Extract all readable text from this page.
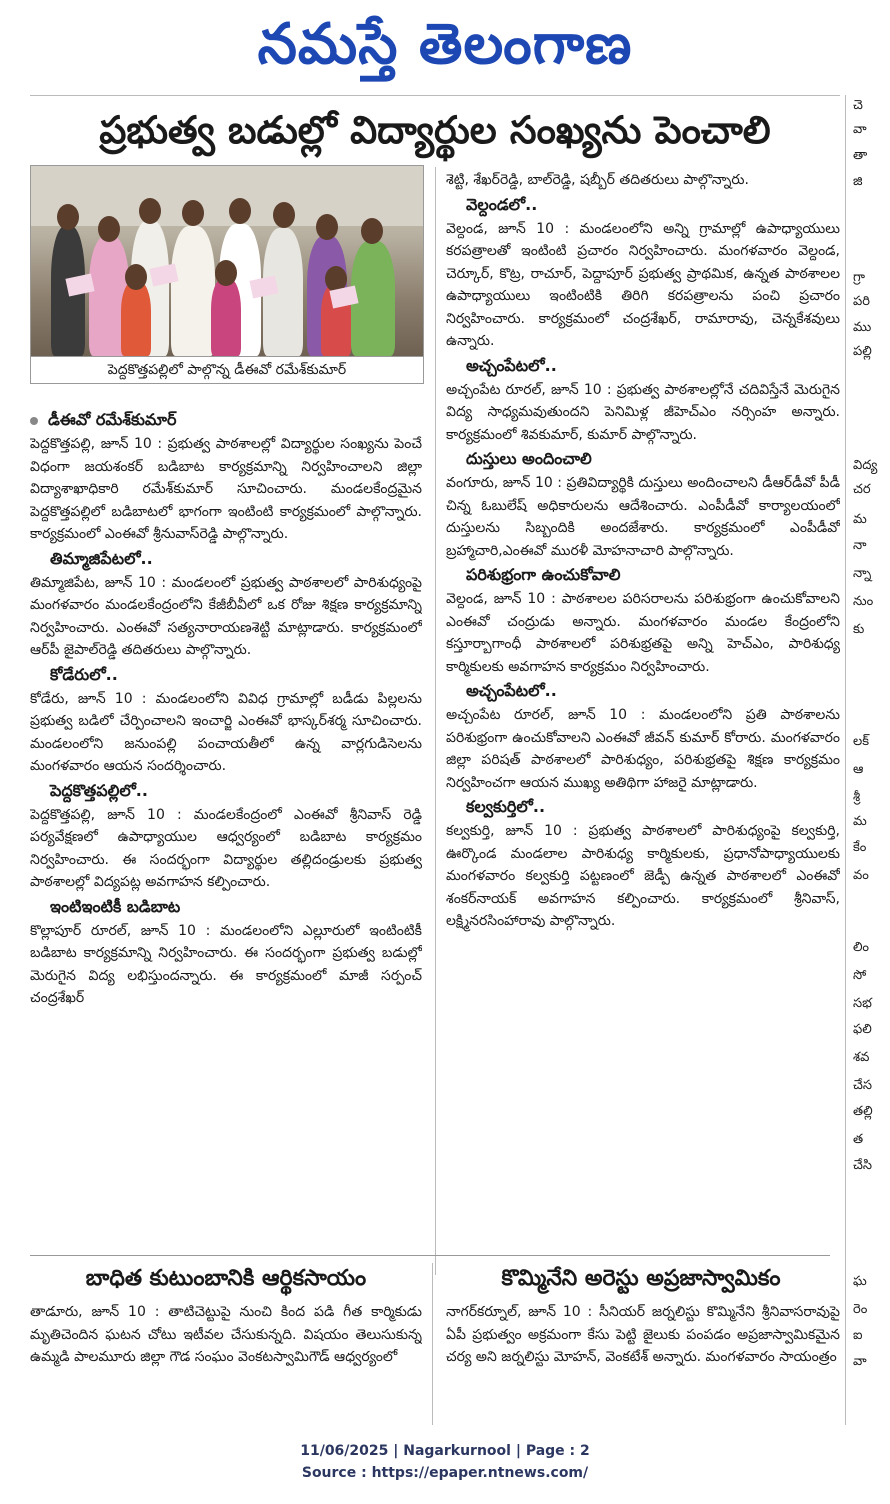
నమస్తే తెలంగాణ
ప్రభుత్వ బడుల్లో విద్యార్థుల సంఖ్యను పెంచాలి
పెద్దకొత్తపల్లిలో పాల్గొన్న డీఈవో రమేశ్‌కుమార్

డీఈవో రమేశ్‌కుమార్

పెద్దకొత్తపల్లి, జూన్ 10 : ప్రభుత్వ పాఠశాలల్లో విద్యార్థుల సంఖ్యను పెంచే విధంగా జయశంకర్ బడిబాట కార్యక్రమాన్ని నిర్వహించాలని జిల్లా విద్యాశాఖాధికారి రమేశ్‌కుమార్ సూచించారు. మండలకేంద్రమైన పెద్దకొత్తపల్లిలో బడిబాటలో భాగంగా ఇంటింటి కార్యక్రమంలో పాల్గొన్నారు. కార్యక్రమంలో ఎంఈవో శ్రీనువాస్‌రెడ్డి పాల్గొన్నారు.

తిమ్మాజిపేటలో..

తిమ్మాజిపేట, జూన్ 10 : మండలంలో ప్రభుత్వ పాఠశాలలో పారిశుధ్యంపై మంగళవారం మండలకేంద్రంలోని కేజీబీవీలో ఒక రోజు శిక్షణ కార్యక్రమాన్ని నిర్వహించారు. ఎంఈవో సత్యనారాయణశెట్టి మాట్లాడారు. కార్యక్రమంలో ఆర్‌పీ జైపాల్‌రెడ్డి తదితరులు పాల్గొన్నారు.

కోడేరులో..

కోడేరు, జూన్ 10 : మండలంలోని వివిధ గ్రామాల్లో బడీడు పిల్లలను ప్రభుత్వ బడిలో చేర్పించాలని ఇంచార్జి ఎంఈవో భాస్కర్‌శర్మ సూచించారు. మండలంలోని జనుంపల్లి పంచాయతీలో ఉన్న వార్లగుడిసెలను మంగళవారం ఆయన సందర్శించారు.

పెద్దకొత్తపల్లిలో..

పెద్దకొత్తపల్లి, జూన్ 10 : మండలకేంద్రంలో ఎంఈవో శ్రీనివాస్ రెడ్డి పర్యవేక్షణలో ఉపాధ్యాయుల ఆధ్వర్యంలో బడిబాట కార్యక్రమం నిర్వహించారు. ఈ సందర్భంగా విద్యార్థుల తల్లిదండ్రులకు ప్రభుత్వ పాఠశాలల్లో విద్యపట్ల అవగాహన కల్పించారు.

ఇంటిఇంటికీ బడిబాట

కొల్లాపూర్ రూరల్, జూన్ 10 : మండలంలోని ఎల్లూరులో ఇంటింటికీ బడిబాట కార్యక్రమాన్ని నిర్వహించారు. ఈ సందర్భంగా ప్రభుత్వ బడుల్లో మెరుగైన విద్య లభిస్తుందన్నారు. ఈ కార్యక్రమంలో మాజీ సర్పంచ్ చంద్రశేఖర్

శెట్టి, శేఖర్‌రెడ్డి, బాల్‌రెడ్డి, షబ్బీర్ తదితరులు పాల్గొన్నారు.

వెల్దండలో..

వెల్దండ, జూన్ 10 : మండలంలోని అన్ని గ్రామాల్లో ఉపాధ్యాయులు కరపత్రాలతో ఇంటింటి ప్రచారం నిర్వహించారు. మంగళవారం వెల్దండ, చెర్కూర్, కొట్ర, రాచూర్, పెద్దాపూర్ ప్రభుత్వ ప్రాథమిక, ఉన్నత పాఠశాలల ఉపాధ్యాయులు ఇంటింటికి తిరిగి కరపత్రాలను పంచి ప్రచారం నిర్వహించారు. కార్యక్రమంలో చంద్రశేఖర్, రామారావు, చెన్నకేశవులు ఉన్నారు.

అచ్చంపేటలో..

అచ్చంపేట రూరల్, జూన్ 10 : ప్రభుత్వ పాఠశాలల్లోనే చదివిస్తేనే మెరుగైన విద్య సాధ్యమవుతుందని పెనిమిళ్ల జీహెచ్‌ఎం నర్సింహ అన్నారు. కార్యక్రమంలో శివకుమార్, కుమార్ పాల్గొన్నారు.

దుస్తులు అందించాలి

వంగూరు, జూన్ 10 : ప్రతివిద్యార్థికి దుస్తులు అందించాలని డీఆర్‌డీవో పీడీ చిన్న ఓబులేష్ అధికారులను ఆదేశించారు. ఎంపీడీవో కార్యాలయంలో దుస్తులను సిబ్బందికి అందజేశారు. కార్యక్రమంలో ఎంపీడీవో బ్రహ్మాచారి,ఎంఈవో మురళీ మోహనాచారి పాల్గొన్నారు.

పరిశుభ్రంగా ఉంచుకోవాలి

వెల్దండ, జూన్ 10 : పాఠశాలల పరిసరాలను పరిశుభ్రంగా ఉంచుకోవాలని ఎంఈవో చంద్రుడు అన్నారు. మంగళవారం మండల కేంద్రంలోని కస్తూర్బాగాంధీ పాఠశాలలో పరిశుభ్రతపై అన్ని హెచ్‌ఎం, పారిశుధ్య కార్మికులకు అవగాహన కార్యక్రమం నిర్వహించారు.

అచ్చంపేటలో..

అచ్చంపేట రూరల్, జూన్ 10 : మండలంలోని ప్రతి పాఠశాలను పరిశుభ్రంగా ఉంచుకోవాలని ఎంఈవో జీవన్ కుమార్ కోరారు. మంగళవారం జిల్లా పరిషత్ పాఠశాలలో పారిశుధ్యం, పరిశుభ్రతపై శిక్షణ కార్యక్రమం నిర్వహించగా ఆయన ముఖ్య అతిథిగా హాజరై మాట్లాడారు.

కల్వకుర్తిలో..

కల్వకుర్తి, జూన్ 10 : ప్రభుత్వ పాఠశాలలో పారిశుధ్యంపై కల్వకుర్తి, ఊర్కొండ మండలాల పారిశుధ్య కార్మికులకు, ప్రధానోపాధ్యాయులకు మంగళవారం కల్వకుర్తి పట్టణంలో జెడ్పీ ఉన్నత పాఠశాలలో ఎంఈవో శంకర్‌నాయక్ అవగాహన కల్పించారు. కార్యక్రమంలో శ్రీనివాస్, లక్ష్మినరసింహారావు పాల్గొన్నారు.

బాధిత కుటుంబానికి ఆర్థికసాయం

తాడూరు, జూన్ 10 : తాటిచెట్టుపై నుంచి కింద పడి గీత కార్మికుడు మృతిచెందిన ఘటన చోటు ఇటీవల చేసుకున్నది. విషయం తెలుసుకున్న ఉమ్మడి పాలమూరు జిల్లా గౌడ సంఘం వెంకటస్వామిగౌడ్ ఆధ్వర్యంలో

కొమ్మినేని అరెస్టు అప్రజాస్వామికం

నాగర్‌కర్నూల్, జూన్ 10 : సీనియర్ జర్నలిస్టు కొమ్మినేని శ్రీనివాసరావుపై ఏపీ ప్రభుత్వం అక్రమంగా కేసు పెట్టి జైలుకు పంపడం అప్రజాస్వామికమైన చర్య అని జర్నలిస్టు మోహన్, వెంకటేశ్ అన్నారు. మంగళవారం సాయంత్రం

చె

వా

తా

జి

గ్రా

పరి

ము

పల్లి

విద్య

చర

మ

నా

న్నా

నుం

కు

లక్

ఆ

శ్రీ

మ

కేం

వం

లిం

సో

సభ

ఫలి

శవ

చేస

తల్లి

త

చేసి

ఘ

రెం

ఐ

వా

11/06/2025 | Nagarkurnool | Page : 2
Source : https://epaper.ntnews.com/
